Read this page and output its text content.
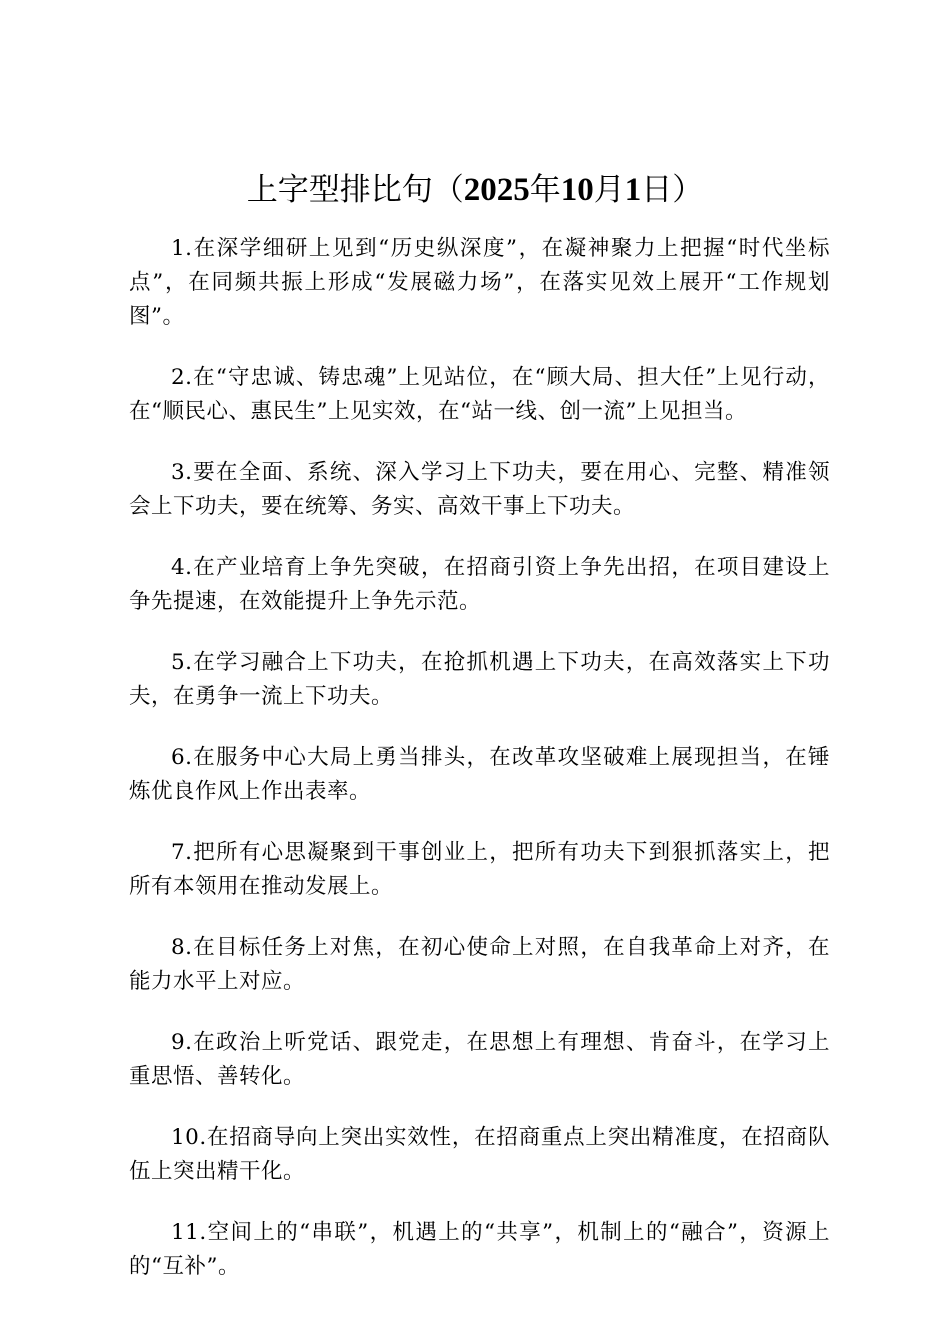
上字型排比句（2025年10月1日）

1.在深学细研上见到“历史纵深度”，在凝神聚力上把握“时代坐标点”，在同频共振上形成“发展磁力场”，在落实见效上展开“工作规划图”。

2.在“守忠诚、铸忠魂”上见站位，在“顾大局、担大任”上见行动，在“顺民心、惠民生”上见实效，在“站一线、创一流”上见担当。

3.要在全面、系统、深入学习上下功夫，要在用心、完整、精准领会上下功夫，要在统筹、务实、高效干事上下功夫。

4.在产业培育上争先突破，在招商引资上争先出招，在项目建设上争先提速，在效能提升上争先示范。

5.在学习融合上下功夫，在抢抓机遇上下功夫，在高效落实上下功夫，在勇争一流上下功夫。

6.在服务中心大局上勇当排头，在改革攻坚破难上展现担当，在锤炼优良作风上作出表率。

7.把所有心思凝聚到干事创业上，把所有功夫下到狠抓落实上，把所有本领用在推动发展上。

8.在目标任务上对焦，在初心使命上对照，在自我革命上对齐，在能力水平上对应。

9.在政治上听党话、跟党走，在思想上有理想、肯奋斗，在学习上重思悟、善转化。

10.在招商导向上突出实效性，在招商重点上突出精准度，在招商队伍上突出精干化。

11.空间上的“串联”，机遇上的“共享”，机制上的“融合”，资源上的“互补”。
